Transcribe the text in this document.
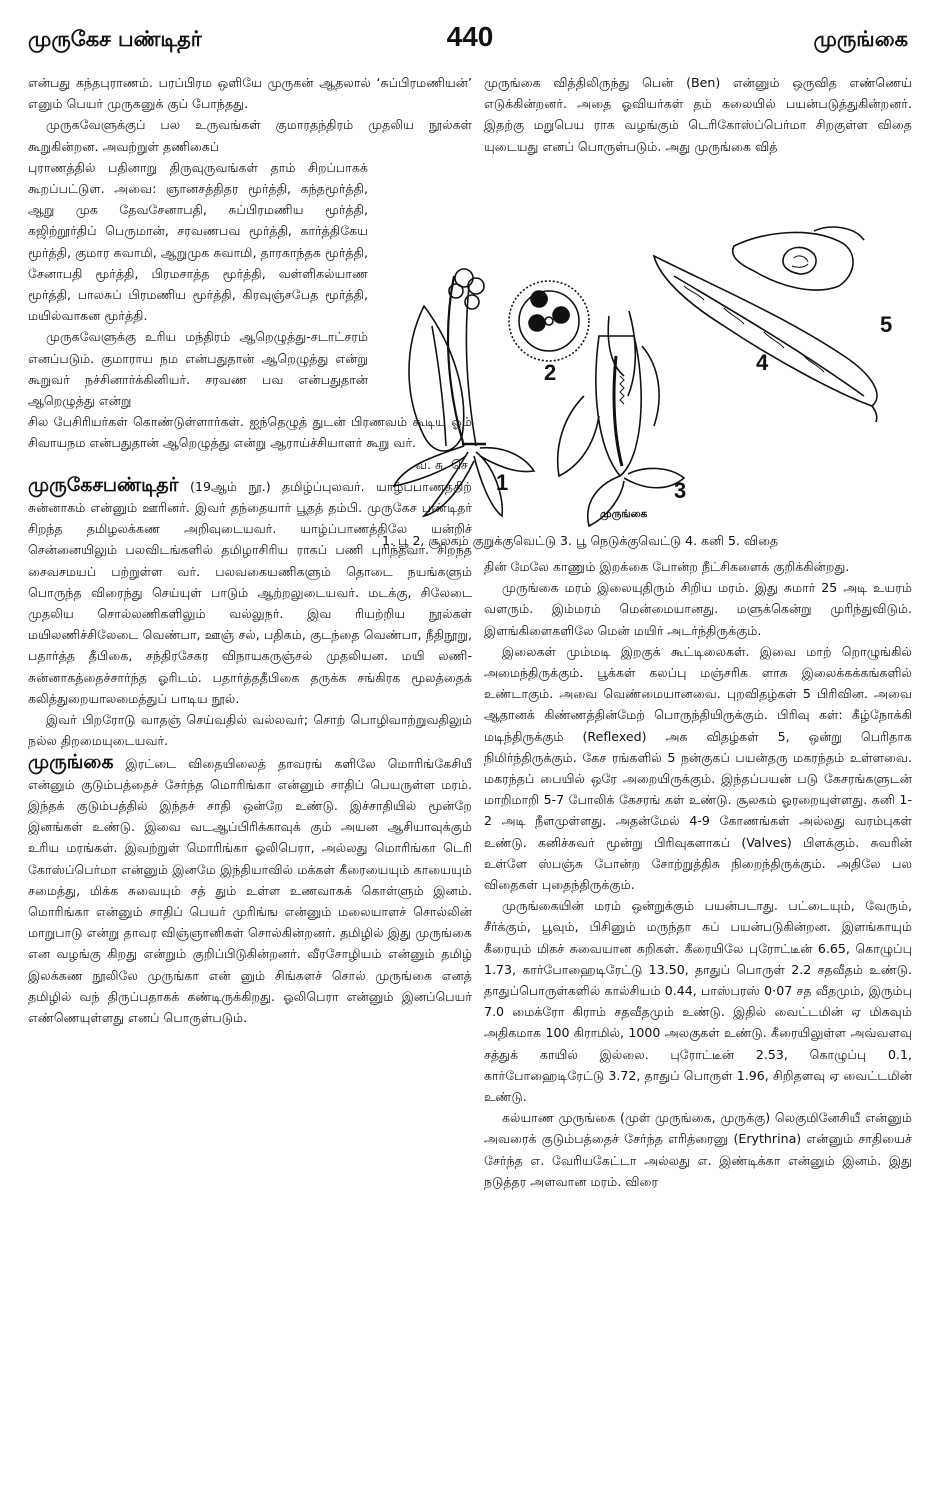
முருகேச பண்டிதர்	440	முருங்கை

என்பது கந்தபுராணம். பரப்பிரம ஒளியே முருகன் ஆதலால் ‘சுப்பிரமணியன்’ எனும் பெயர் முருகனுக் குப் போந்தது.

முருகவேளுக்குப் பல உருவங்கள் குமாரதந்திரம் முதலிய நூல்கள் கூறுகின்றன. அவற்றுள் தணிகைப்

புராணத்தில் பதினாறு திருவுருவங்கள் தாம் சிறப்பாகக் கூறப்பட்டுள. அவை: ஞானசத்திதர மூர்த்தி, கந்தமூர்த்தி, ஆறு முக தேவசேனாபதி, சுப்பிரமணிய மூர்த்தி, கஜிற்றூர்திப் பெருமான், சரவணபவ மூர்த்தி, கார்த்திகேய மூர்த்தி, குமார சுவாமி, ஆறுமுக சுவாமி, தாரகாந்தக மூர்த்தி, சேனாபதி மூர்த்தி, பிரமசாத்த மூர்த்தி, வள்ளிகல்யாண மூர்த்தி, பாலசுப் பிரமணிய மூர்த்தி, கிரவுஞ்சபேத மூர்த்தி, மயில்வாகன மூர்த்தி.

முருகவேளுக்கு உரிய மந்திரம் ஆறெழுத்து-சடாட்சரம் எனப்படும். குமாராய நம என்பதுதான் ஆறெழுத்து என்று கூறுவர் நச்சினார்க்கினியர். சரவண பவ என்பதுதான் ஆறெழுத்து என்று

சில பேசிரியர்கள் கொண்டுள்ளார்கள். ஐந்தெழுத் துடன் பிரணவம் கூடிய ஓம் சிவாயநம என்பதுதான் ஆறெழுத்து என்று ஆராய்ச்சியாளர் கூறு வர்.

வ. சு. செ.

முருகேசபண்டிதர் (19ஆம் நூ.) தமிழ்ப்புலவர். யாழ்ப்பாணத்திற் சுன்னாகம் என்னும் ஊரினர். இவர் தந்தையார் பூதத் தம்பி. முருகேச பண்டிதர் சிறந்த தமிழலக்கண அறிவுடையவர். யாழ்ப்பாணத்திலே யன்றிச் சென்னையிலும் பலவிடங்களில் தமிழாசிரிய ராகப் பணி புரிந்தவர். சிறந்த சைவசமயப் பற்றுள்ள வர். பலவகையணிகளும் தொடை நயங்களும் பொருந்த விரைந்து செய்யுள் பாடும் ஆற்றலுடையவர். மடக்கு, சிலேடை முதலிய சொல்லணிகளிலும் வல்லுநர். இவ ரியற்றிய நூல்கள் மயிலணிச்சிலேடை வெண்பா, ஊஞ் சல், பதிகம், குடந்தை வெண்பா, நீதிநூறு, பதார்த்த தீபிகை, சந்திரசேகர விநாயகருஞ்சல் முதலியன. மயி லணி-சுன்னாகத்தைச்சார்ந்த ஓரிடம். பதார்த்ததீபிகை தருக்க சங்கிரக மூலத்தைக் கலித்துறையாலமைத்துப் பாடிய நூல்.

இவர் பிறரோடு வாதஞ் செய்வதில் வல்லவர்; சொற் பொழிவாற்றுவதிலும் நல்ல திறமையுடையவர்.

முருங்கை இரட்டை விதையிலைத் தாவரங் களிலே மொரிங்கேசியீ என்னும் குடும்பத்தைச் சேர்ந்த மொரிங்கா என்னும் சாதிப் பெயருள்ள மரம். இந்தக் குடும்பத்தில் இந்தச் சாதி ஒன்றே உண்டு. இச்சாதியில் மூன்றே இனங்கள் உண்டு. இவை வடஆப்பிரிக்காவுக் கும் அயன ஆசியாவுக்கும் உரிய மரங்கள். இவற்றுள் மொரிங்கா ஓலிபெரா, அல்லது மொரிங்கா டெரி கோஸ்ப்பெர்மா என்னும் இனமே இந்தியாவில் மக்கள் கீரையையும் காயையும் சமைத்து, மிக்க சுவையும் சத் தும் உள்ள உணவாகக் கொள்ளும் இனம். மொரிங்கா என்னும் சாதிப் பெயர் முரிங்ங என்னும் மலையாளச் சொல்லின் மாறுபாடு என்று தாவர விஞ்ஞானிகள் சொல்கின்றனர். தமிழில் இது முருங்கை என வழங்கு கிறது என்றும் குறிப்பிடுகின்றனர். வீரசோழியம் என்னும் தமிழ் இலக்கண நூலிலே முருங்கா என் னும் சிங்களச் சொல் முருங்கை எனத் தமிழில் வந் திருப்பதாகக் கண்டிருக்கிறது. ஓலிபெரா என்னும் இனப்பெயர் எண்ணெயுள்ளது எனப் பொருள்படும்.

முருங்கை வித்திலிருந்து பென் (Ben) என்னும் ஒருவித எண்ணெய் எடுக்கின்றனர். அதை ஓவியர்கள் தம் கலையில் பயன்படுத்துகின்றனர். இதற்கு மறுபெய ராக வழங்கும் டெரிகோஸ்ப்பெர்மா சிறகுள்ள விதை யுடையது எனப் பொருள்படும். அது முருங்கை வித்

1
2
3
4
5
முருங்கை
1. பூ 2. சூலகம் குறுக்குவெட்டு 3. பூ நெடுக்குவெட்டு 4. கனி 5. விதை

தின் மேலே காணும் இறக்கை போன்ற நீட்சிகளைக் குறிக்கின்றது.

முருங்கை மரம் இலையுதிரும் சிறிய மரம். இது சுமார் 25 அடி உயரம் வளரும். இம்மரம் மென்மையானது. மளுக்கென்று முரிந்துவிடும். இளங்கிளைகளிலே மென் மயிர் அடர்ந்திருக்கும்.

இலைகள் மும்மடி இறகுக் கூட்டிலைகள். இவை மாற் றொழுங்கில் அமைந்திருக்கும். பூக்கள் கலப்பு மஞ்சரிக ளாக இலைக்கக்கங்களில் உண்டாகும். அவை வெண்மையானவை. புறவிதழ்கள் 5 பிரிவின. அவை ஆதானக் கிண்ணத்தின்மேற் பொருந்தியிருக்கும். பிரிவு கள்: கீழ்நோக்கி மடிந்திருக்கும் (Reflexed) அக விதழ்கள் 5, ஒன்று பெரிதாக நிமிர்ந்திருக்கும். கேச ரங்களில் 5 நன்குகப் பயன்தரு மகரந்தம் உள்ளவை. மகரந்தப் பையில் ஒரே அறையிருக்கும். இந்தப்பயன் படு கேசரங்களுடன் மாறிமாறி 5-7 போலிக் கேசரங் கள் உண்டு. சூலகம் ஓரறையுள்ளது. கனி 1-2 அடி நீளமுள்ளது. அதன்மேல் 4-9 கோணங்கள் அல்லது வரம்புகள் உண்டு. கனிச்சுவர் மூன்று பிரிவுகளாகப் (Valves) பிளக்கும். சுவரின் உள்ளே ஸ்பஞ்சு போன்ற சோற்றுத்திசு நிறைந்திருக்கும். அதிலே பல விதைகள் புதைந்திருக்கும்.

முருங்கையின் மரம் ஒன்றுக்கும் பயன்படாது. பட்டையும், வேரும், சீர்க்கும், பூவும், பிசினும் மருந்தா கப் பயன்படுகின்றன. இளங்காயும் கீரையும் மிகச் சுவையான கறிகள். கீரையிலே புரோட்டீன் 6.65, கொழுப்பு 1.73, கார்போஹைடிரேட்டு 13.50, தாதுப் பொருள் 2.2 சதவீதம் உண்டு. தாதுப்பொருள்களில் கால்சியம் 0.44, பாஸ்பரஸ் 0·07 சத வீதமும், இரும்பு 7.0 மைக்ரோ கிராம் சதவீதமும் உண்டு. இதில் வைட்டமின் ஏ மிகவும் அதிகமாக 100 கிராமில், 1000 அலகுகள் உண்டு. கீரையிலுள்ள அவ்வளவு சத்துக் காயில் இல்லை. புரோட்டீன் 2.53, கொழுப்பு 0.1, கார்போஹைடிரேட்டு 3.72, தாதுப் பொருள் 1.96, சிறிதளவு ஏ வைட்டமின் உண்டு.

கல்யாண முருங்கை (முள் முருங்கை, முருக்கு) லெகுமினேசியீ என்னும் அவரைக் குடும்பத்தைச் சேர்ந்த எரித்ரைனு (Erythrina) என்னும் சாதியைச் சேர்ந்த எ. வேரியகேட்டா அல்லது எ. இண்டிக்கா என்னும் இனம். இது நடுத்தர அளவான மரம். விரை
